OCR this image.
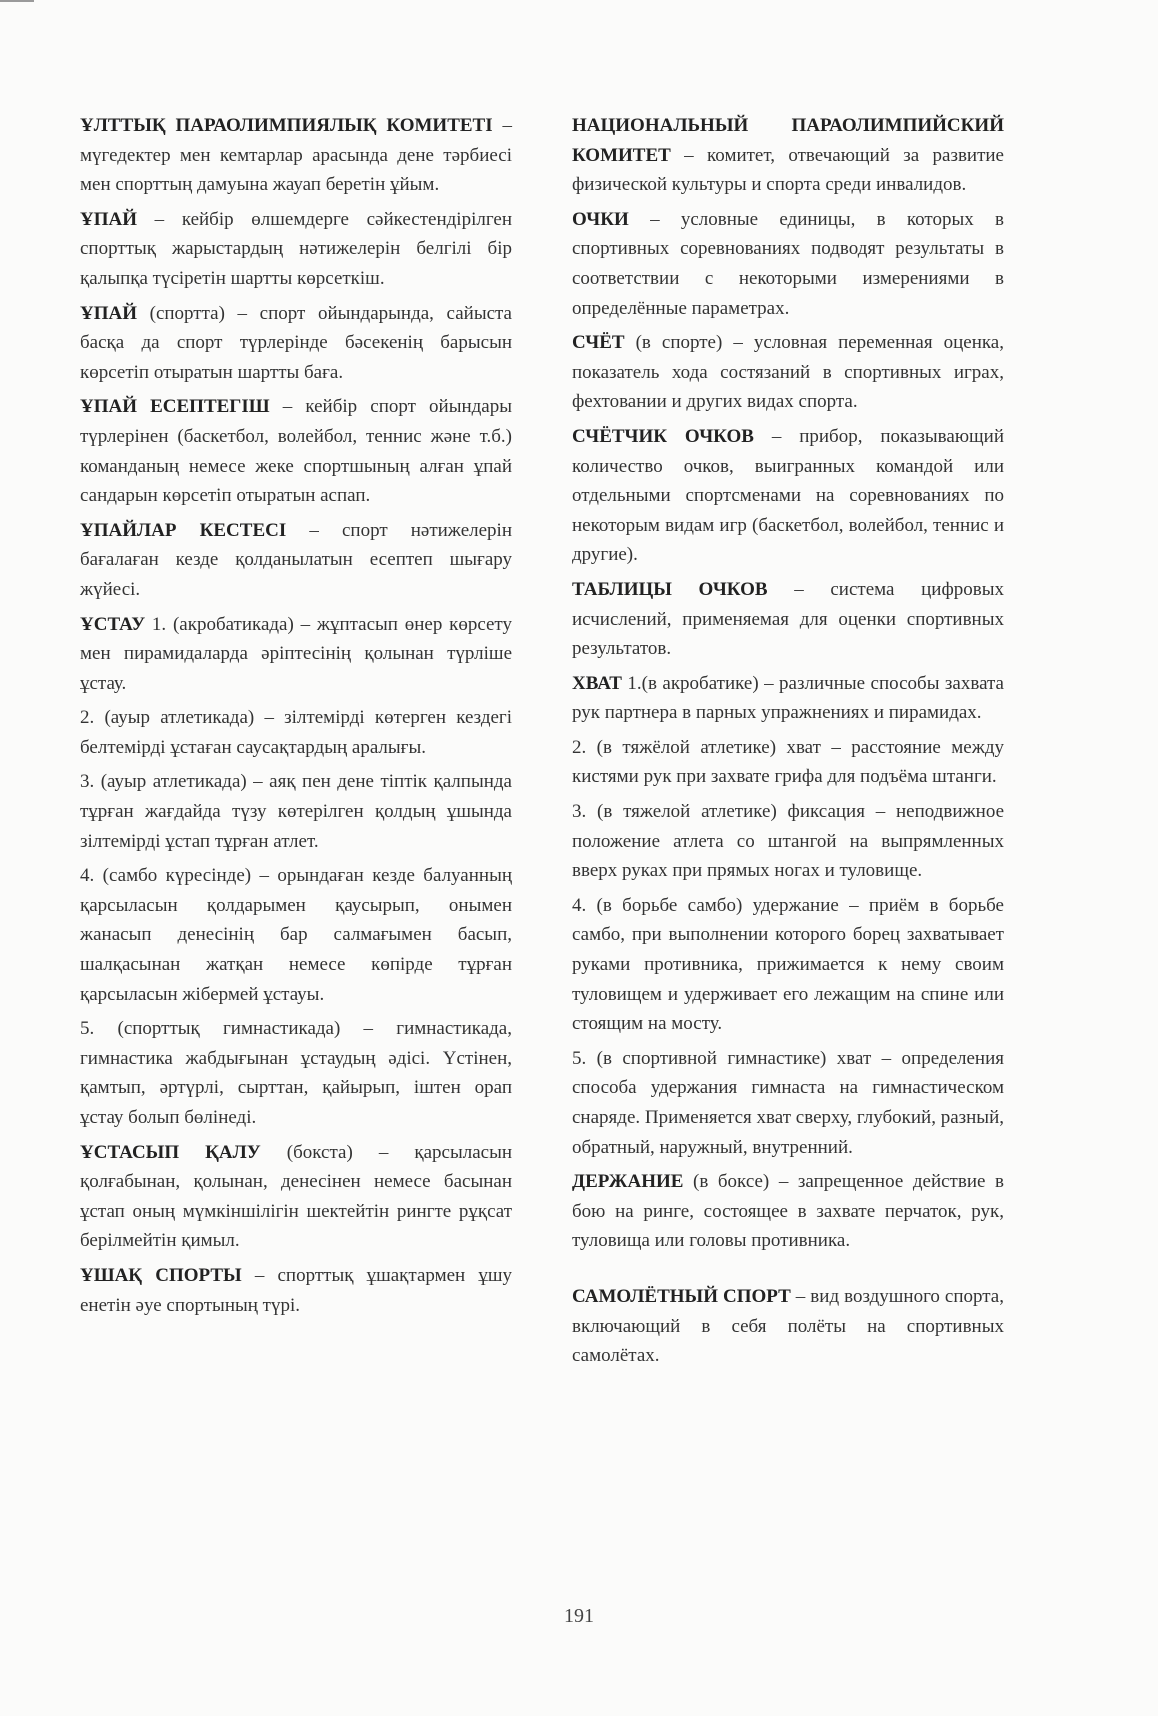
ҰЛТТЫҚ ПАРАОЛИМПИЯЛЫҚ КОМИТЕТІ – мүгедектер мен кемтарлар арасында дене тәрбиесі мен спорттың дамуына жауап беретін ұйым.

ҰПАЙ – кейбір өлшемдерге сәйкестендірілген спорттық жарыстардың нәтижелерін белгілі бір қалыпқа түсіретін шартты көрсеткіш.

ҰПАЙ (спортта) – спорт ойындарында, сайыста басқа да спорт түрлерінде бәсекенің барысын көрсетіп отыратын шартты баға.

ҰПАЙ ЕСЕПТЕГІШ – кейбір спорт ойындары түрлерінен (баскетбол, волейбол, теннис және т.б.) команданың немесе жеке спортшының алған ұпай сандарын көрсетіп отыратын аспап.

ҰПАЙЛАР КЕСТЕСІ – спорт нәтижелерін бағалаған кезде қолданылатын есептеп шығару жүйесі.

ҰСТАУ 1. (акробатикада) – жұптасып өнер көрсету мен пирамидаларда әріптесінің қолынан түрліше ұстау.

2. (ауыр атлетикада) – зілтемірді көтерген кездегі белтемірді ұстаған саусақтардың аралығы.

3. (ауыр атлетикада) – аяқ пен дене тіптік қалпында тұрған жағдайда түзу көтерілген қолдың ұшында зілтемірді ұстап тұрған атлет.

4. (самбо күресінде) – орындаған кезде балуанның қарсыласын қолдарымен қаусырып, онымен жанасып денесінің бар салмағымен басып, шалқасынан жатқан немесе көпірде тұрған қарсыласын жібермей ұстауы.

5. (спорттық гимнастикада) – гимнастикада, гимнастика жабдығынан ұстаудың әдісі. Үстінен, қамтып, әртүрлі, сырттан, қайырып, іштен орап ұстау болып бөлінеді.

ҰСТАСЫП ҚАЛУ (бокста) – қарсыласын қолғабынан, қолынан, денесінен немесе басынан ұстап оның мүмкіншілігін шектейтін рингте рұқсат берілмейтін қимыл.

ҰШАҚ СПОРТЫ – спорттық ұшақтармен ұшу енетін әуе спортының түрі.

НАЦИОНАЛЬНЫЙ ПАРАОЛИМПИЙСКИЙ КОМИТЕТ – комитет, отвечающий за развитие физической культуры и спорта среди инвалидов.

ОЧКИ – условные единицы, в которых в спортивных соревнованиях подводят результаты в соответствии с некоторыми измерениями в определённые параметрах.

СЧЁТ (в спорте) – условная переменная оценка, показатель хода состязаний в спортивных играх, фехтовании и других видах спорта.

СЧЁТЧИК ОЧКОВ – прибор, показывающий количество очков, выигранных командой или отдельными спортсменами на соревнованиях по некоторым видам игр (баскетбол, волейбол, теннис и другие).

ТАБЛИЦЫ ОЧКОВ – система цифровых исчислений, применяемая для оценки спортивных результатов.

ХВАТ 1.(в акробатике) – различные способы захвата рук партнера в парных упражнениях и пирамидах.

2. (в тяжёлой атлетике) хват – расстояние между кистями рук при захвате грифа для подъёма штанги.

3. (в тяжелой атлетике) фиксация – неподвижное положение атлета со штангой на выпрямленных вверх руках при прямых ногах и туловище.

4. (в борьбе самбо) удержание – приём в борьбе самбо, при выполнении которого борец захватывает руками противника, прижимается к нему своим туловищем и удерживает его лежащим на спине или стоящим на мосту.

5. (в спортивной гимнастике) хват – определения способа удержания гимнаста на гимнастическом снаряде. Применяется хват сверху, глубокий, разный, обратный, наружный, внутренний.

ДЕРЖАНИЕ (в боксе) – запрещенное действие в бою на ринге, состоящее в захвате перчаток, рук, туловища или головы противника.

САМОЛЁТНЫЙ СПОРТ – вид воздушного спорта, включающий в себя полёты на спортивных самолётах.

191
